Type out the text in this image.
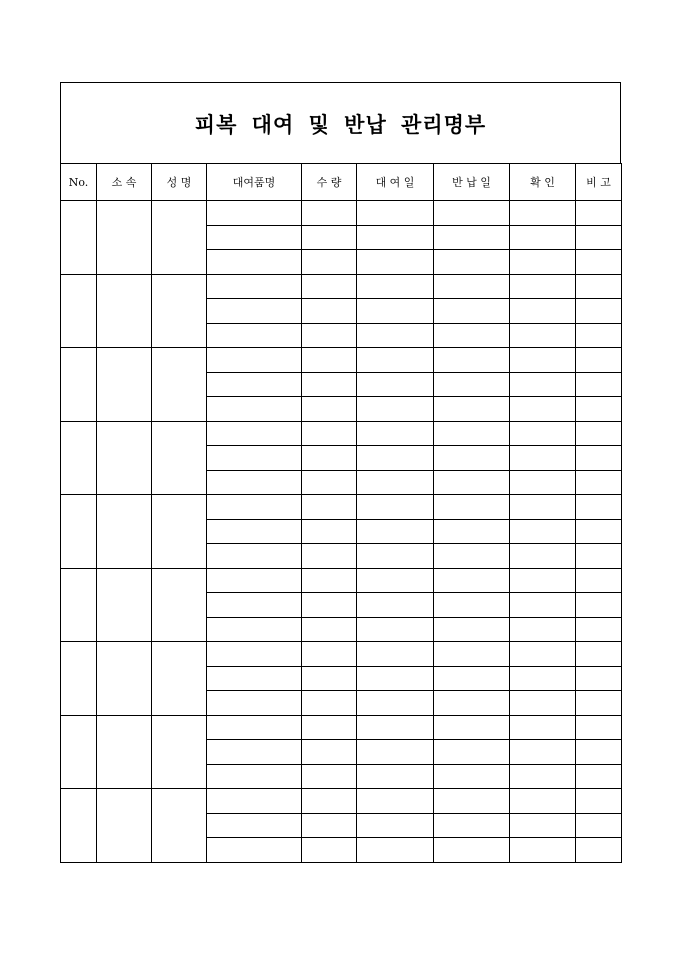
피복 대여 및 반납 관리명부
No.	소 속	성 명	대여품명	수 량	대 여 일	반 납 일	확 인	비 고
